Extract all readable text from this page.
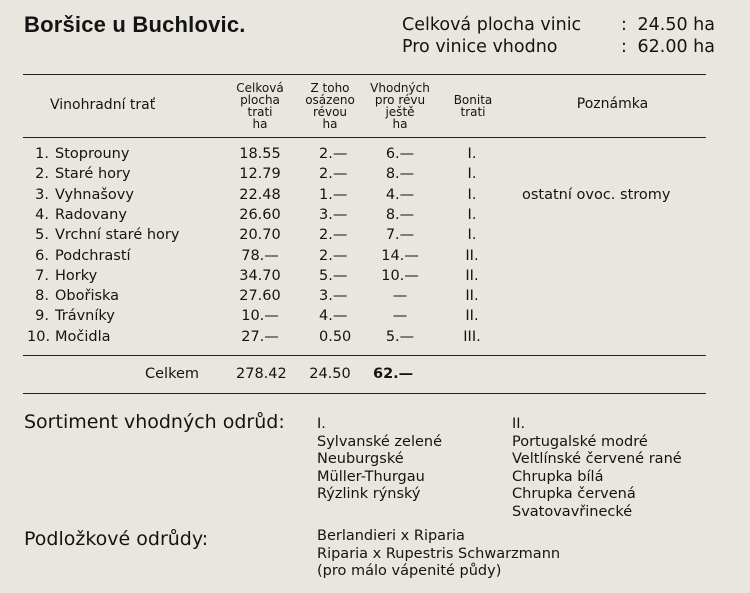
Boršice u Buchlovic.	Celková plocha vinic	: 24.50 ha
Pro vinice vhodno	: 62.00 ha
Vinohradní trať
Celková
plocha
trati
ha
Z toho
osázeno
révou
ha
Vhodných
pro révu
ještě
ha
Bonita
trati	Poznámka
1. Stoprouny	18.55	2.—	6.—	I.
2. Staré hory	12.79	2.—	8.—	I.
3. Vyhnašovy	22.48	1.—	4.—	I.	ostatní ovoc. stromy
4. Radovany	26.60	3.—	8.—	I.
5. Vrchní staré hory	20.70	2.—	7.—	I.
6. Podchrastí	78.—	2.—	14.—	II.
7. Horky	34.70	5.—	10.—	II.
8. Obořiska	27.60	3.—	—	II.
9. Trávníky	10.—	4.—	—	II.
10. Močidla	27.—	0.50	5.—	III.
Celkem	278.42 24.50 62.—
Sortiment vhodných odrůd: I.
Sylvanské zelené
Neuburgské
Müller-Thurgau
Rýzlink rýnský
II.
Portugalské modré
Veltlínské červené rané
Chrupka bílá
Chrupka červená
Svatovavřinecké
Podložkové odrůdy:	Berlandieri x Riparia
Riparia x Rupestris Schwarzmann
(pro málo vápenité půdy)
